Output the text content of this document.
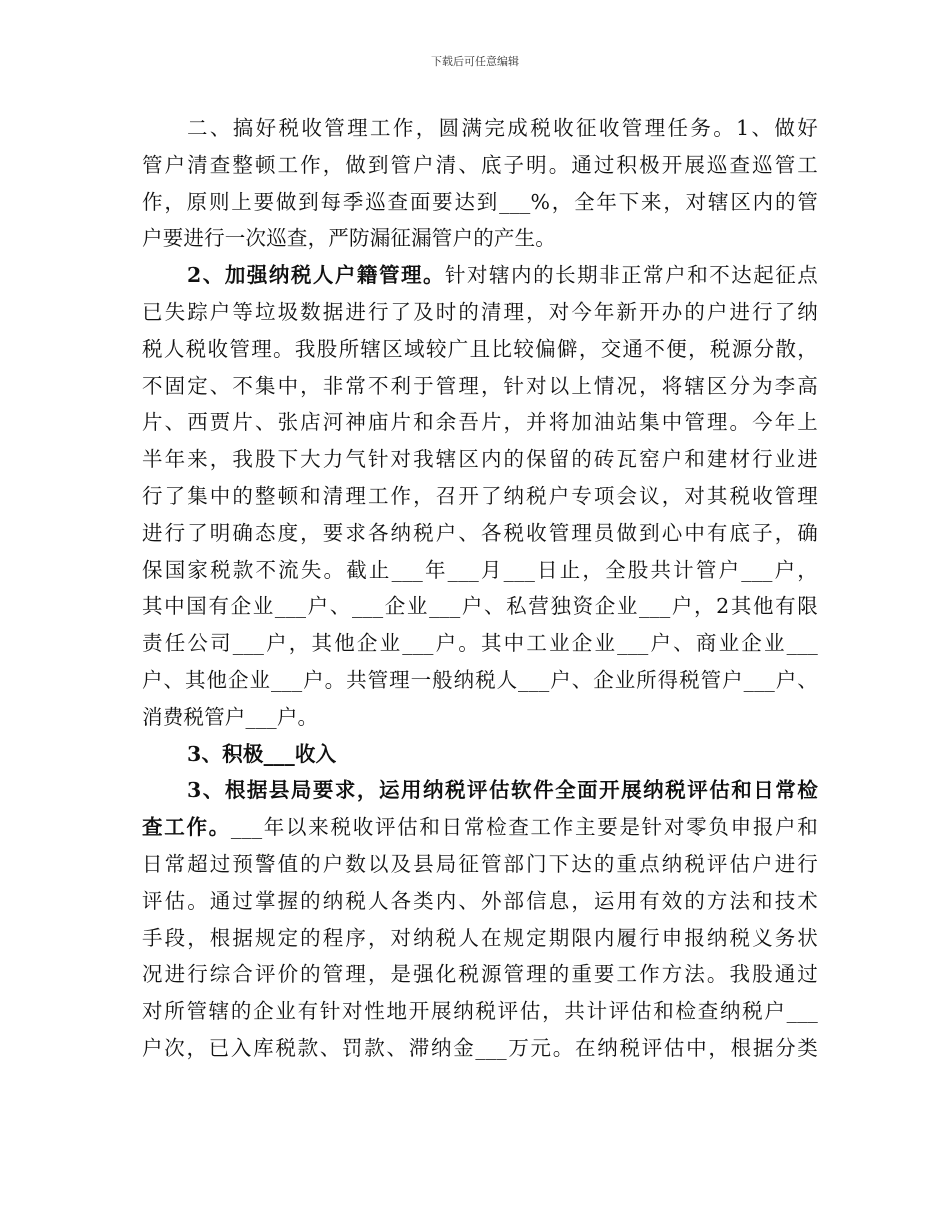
下载后可任意编辑

二、搞好税收管理工作，圆满完成税收征收管理任务。1、做好
管户清查整顿工作，做到管户清、底子明。通过积极开展巡查巡管工
作，原则上要做到每季巡查面要达到___%，全年下来，对辖区内的管
户要进行一次巡查，严防漏征漏管户的产生。

2、加强纳税人户籍管理。针对辖内的长期非正常户和不达起征点
已失踪户等垃圾数据进行了及时的清理，对今年新开办的户进行了纳
税人税收管理。我股所辖区域较广且比较偏僻，交通不便，税源分散，
不固定、不集中，非常不利于管理，针对以上情况，将辖区分为李高
片、西贾片、张店河神庙片和余吾片，并将加油站集中管理。今年上
半年来，我股下大力气针对我辖区内的保留的砖瓦窑户和建材行业进
行了集中的整顿和清理工作，召开了纳税户专项会议，对其税收管理
进行了明确态度，要求各纳税户、各税收管理员做到心中有底子，确
保国家税款不流失。截止___年___月___日止，全股共计管户___户，
其中国有企业___户、___企业___户、私营独资企业___户，2其他有限
责任公司___户，其他企业___户。其中工业企业___户、商业企业___
户、其他企业___户。共管理一般纳税人___户、企业所得税管户___户、
消费税管户___户。

3、积极___收入

3、根据县局要求，运用纳税评估软件全面开展纳税评估和日常检
查工作。___年以来税收评估和日常检查工作主要是针对零负申报户和
日常超过预警值的户数以及县局征管部门下达的重点纳税评估户进行
评估。通过掌握的纳税人各类内、外部信息，运用有效的方法和技术
手段，根据规定的程序，对纳税人在规定期限内履行申报纳税义务状
况进行综合评价的管理，是强化税源管理的重要工作方法。我股通过
对所管辖的企业有针对性地开展纳税评估，共计评估和检查纳税户___
户次，已入库税款、罚款、滞纳金___万元。在纳税评估中，根据分类
